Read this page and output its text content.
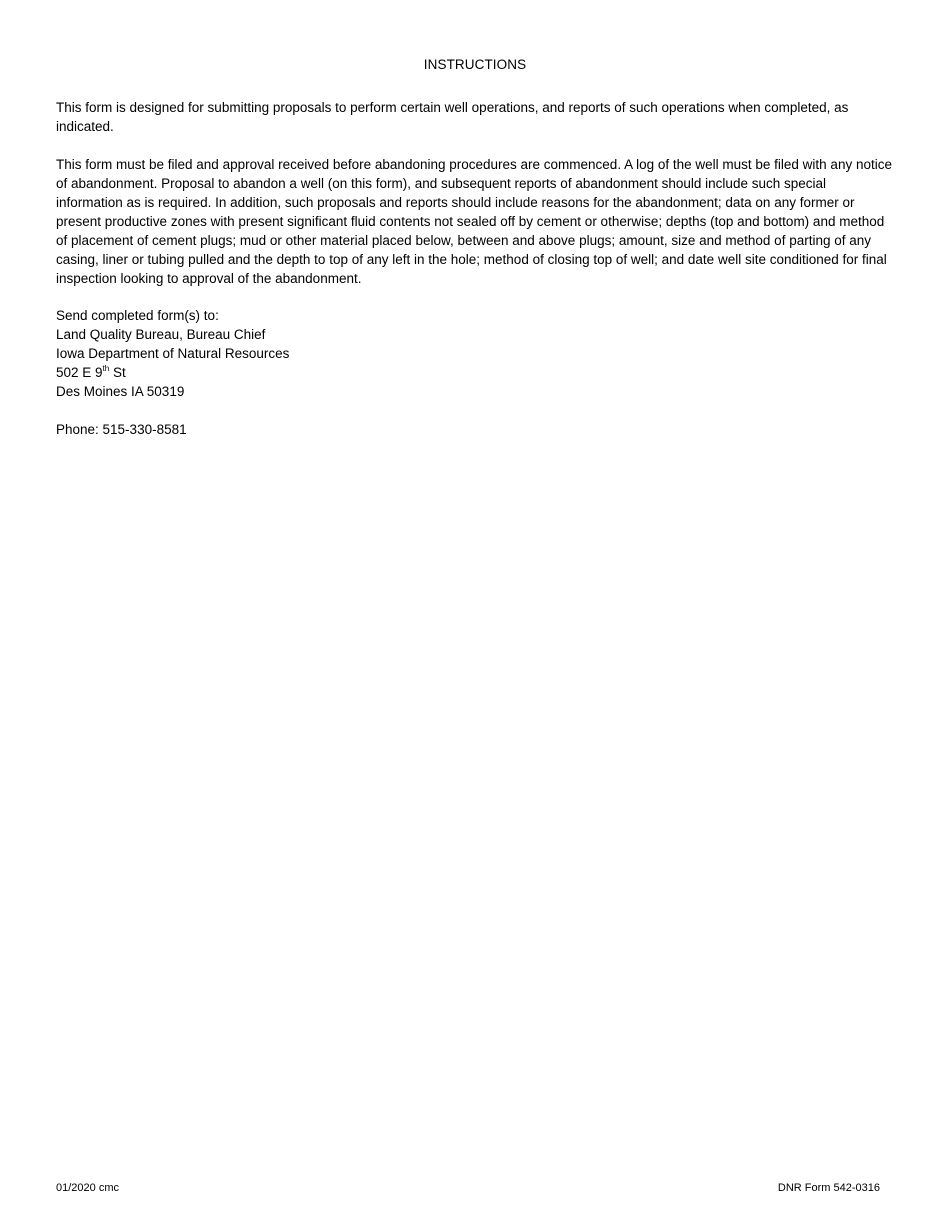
INSTRUCTIONS

This form is designed for submitting proposals to perform certain well operations, and reports of such operations when completed, as indicated.

This form must be filed and approval received before abandoning procedures are commenced. A log of the well must be filed with any notice of abandonment. Proposal to abandon a well (on this form), and subsequent reports of abandonment should include such special information as is required. In addition, such proposals and reports should include reasons for the abandonment; data on any former or present productive zones with present significant fluid contents not sealed off by cement or otherwise; depths (top and bottom) and method of placement of cement plugs; mud or other material placed below, between and above plugs; amount, size and method of parting of any casing, liner or tubing pulled and the depth to top of any left in the hole; method of closing top of well; and date well site conditioned for final inspection looking to approval of the abandonment.

Send completed form(s) to:
Land Quality Bureau, Bureau Chief
Iowa Department of Natural Resources
502 E 9th St
Des Moines IA 50319
Phone: 515-330-8581
01/2020 cmc	DNR Form 542-0316
